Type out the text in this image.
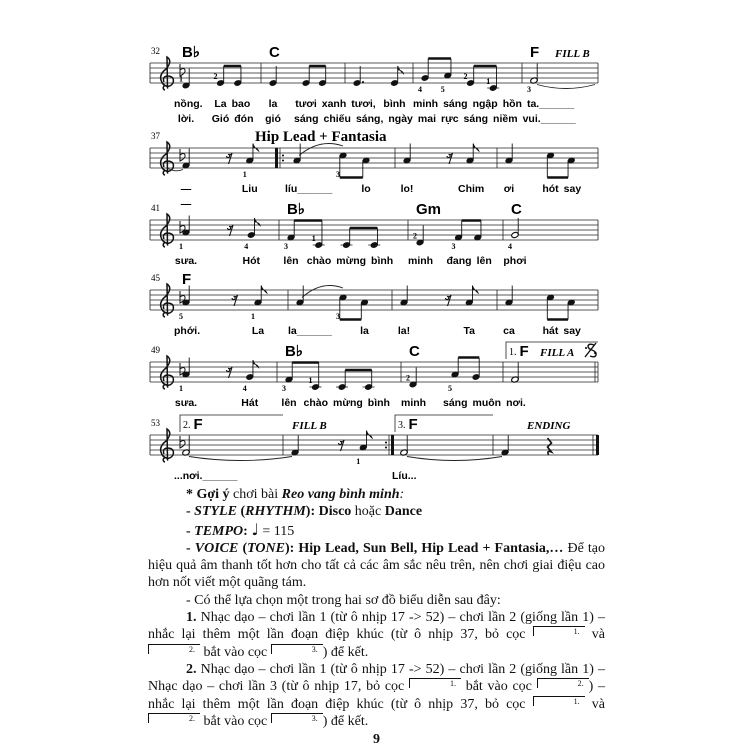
32 B♭
1	2
C
4 5
2
1
F
3
nồng. La bao la tươi xanh tươi, bình minh sáng ngập hồn ta.______
lời. Gió đón gió sáng chiếu sáng, ngày mai rực sáng niềm vui.______
37
1	3
—	Liu	líu______	lo	lo!	Chim ơi	hót say
—
41
1	4
B♭
3
1
Gm
2
3
C
4
sưa.	Hót lên chào mừng bình minh đang lên phơi
45 F
5	1	3
phới.	La la______	la	la!	Ta	ca	hát say
49
1	4
B♭
3
1
C
2
5
1. F
sưa.	Hát lên chào mừng bình minh sáng muôn nơi.
53 2. F
1
3. F
...nơi.______	Líu...
Hip Lead + Fantasia
FILL B
FILL A
FILL B	ENDING

* Gợi ý chơi bài Reo vang bình minh:

- STYLE (RHYTHM): Disco hoặc Dance

- TEMPO: ♩ = 115

- VOICE (TONE): Hip Lead, Sun Bell, Hip Lead + Fantasia,… Để tạo hiệu quả âm thanh tốt hơn cho tất cả các âm sắc nêu trên, nên chơi giai điệu cao hơn nốt viết một quãng tám.

- Có thể lựa chọn một trong hai sơ đồ biểu diễn sau đây:

1. Nhạc dạo – chơi lần 1 (từ ô nhịp 17 -> 52) – chơi lần 2 (giống lần 1) – nhắc lại thêm một lần đoạn điệp khúc (từ ô nhịp 37, bỏ cọc	1. và 2. bắt vào cọc	3. ) để kết.

2. Nhạc dạo – chơi lần 1 (từ ô nhịp 17 -> 52) – chơi lần 2 (giống lần 1) – Nhạc dạo – chơi lần 3 (từ ô nhịp 17, bỏ cọc	1. bắt vào cọc	2. ) – nhắc lại thêm một lần đoạn điệp khúc (từ ô nhịp 37, bỏ cọc	1. và 2. bắt vào cọc	3. ) để kết.

9
